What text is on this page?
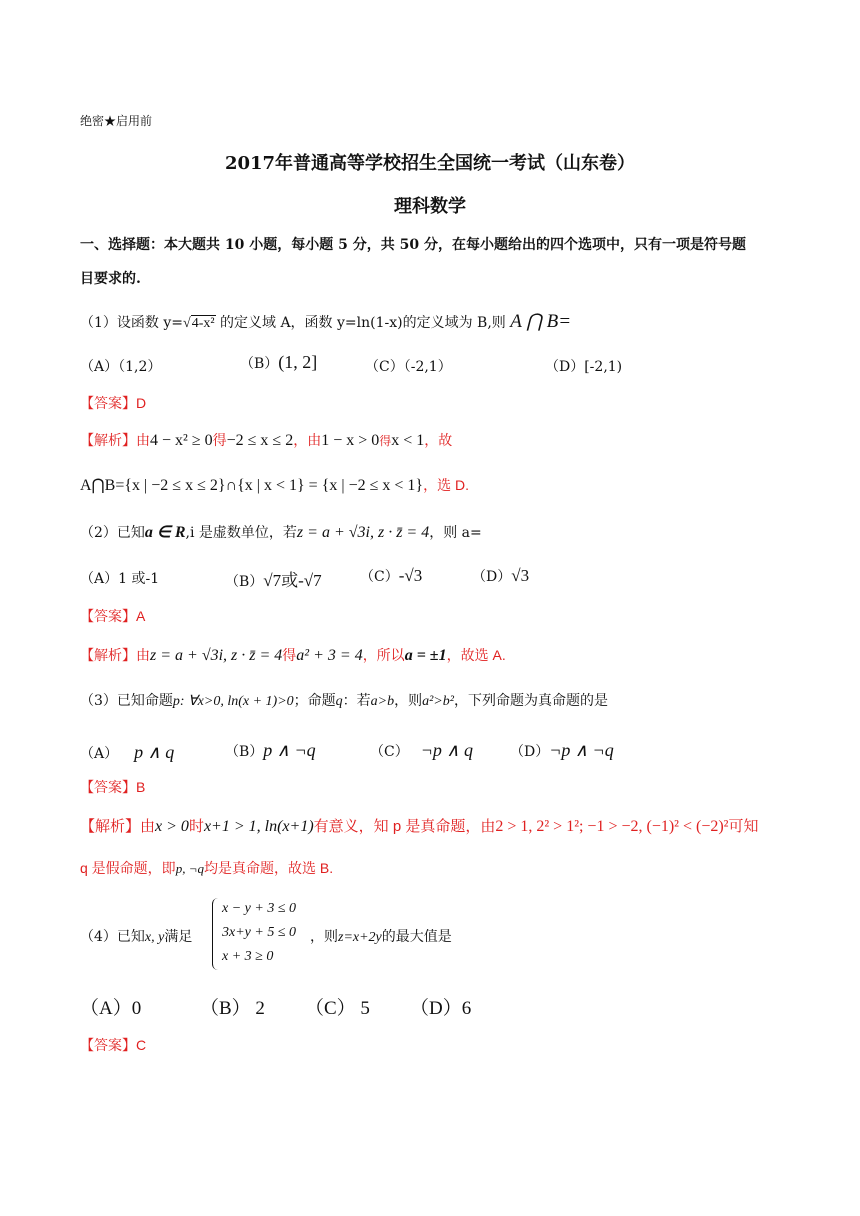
绝密★启用前
2017年普通高等学校招生全国统一考试（山东卷）
理科数学
一、选择题：本大题共 10 小题，每小题 5 分，共 50 分，在每小题给出的四个选项中，只有一项是符号题
目要求的.
（1）设函数 y=√4-x² 的定义域 A，函数 y=ln(1-x)的定义域为 B,则 A ⋂ B=
（A）（1,2）	（B）(1, 2]	（C）（-2,1）	（D）[-2,1)
【答案】D
【解析】由4 − x² ≥ 0得−2 ≤ x ≤ 2，由1 − x > 0得x < 1，故
A⋂B={x | −2 ≤ x ≤ 2}∩{x | x < 1} = {x | −2 ≤ x < 1}，选 D.
（2）已知a ∈ R,i 是虚数单位，若z = a + √3i, z · z̄ = 4，则 a=
（A）1 或-1	（B）√7或-√7	（C）-√3	（D）√3
【答案】A
【解析】由z = a + √3i, z · z̄ = 4得a² + 3 = 4，所以a = ±1，故选 A.
（3）已知命题p: ∀x>0, ln(x + 1)>0；命题q：若a>b，则a²>b²，下列命题为真命题的是
（A） p ∧ q	（B）p ∧ ¬q	（C） ¬p ∧ q	（D）¬p ∧ ¬q
【答案】B
【解析】由x > 0时x+1 > 1, ln(x+1)有意义，知 p 是真命题，由2 > 1, 2² > 1²; −1 > −2, (−1)² < (−2)²可知
q 是假命题，即p, ¬q均是真命题，故选 B.
（4）已知x, y满足
x − y + 3 ≤ 0
3x+y + 5 ≤ 0
x + 3 ≥ 0
，则z=x+2y的最大值是
（A）0	（B） 2 （C） 5 （D）6
【答案】C
